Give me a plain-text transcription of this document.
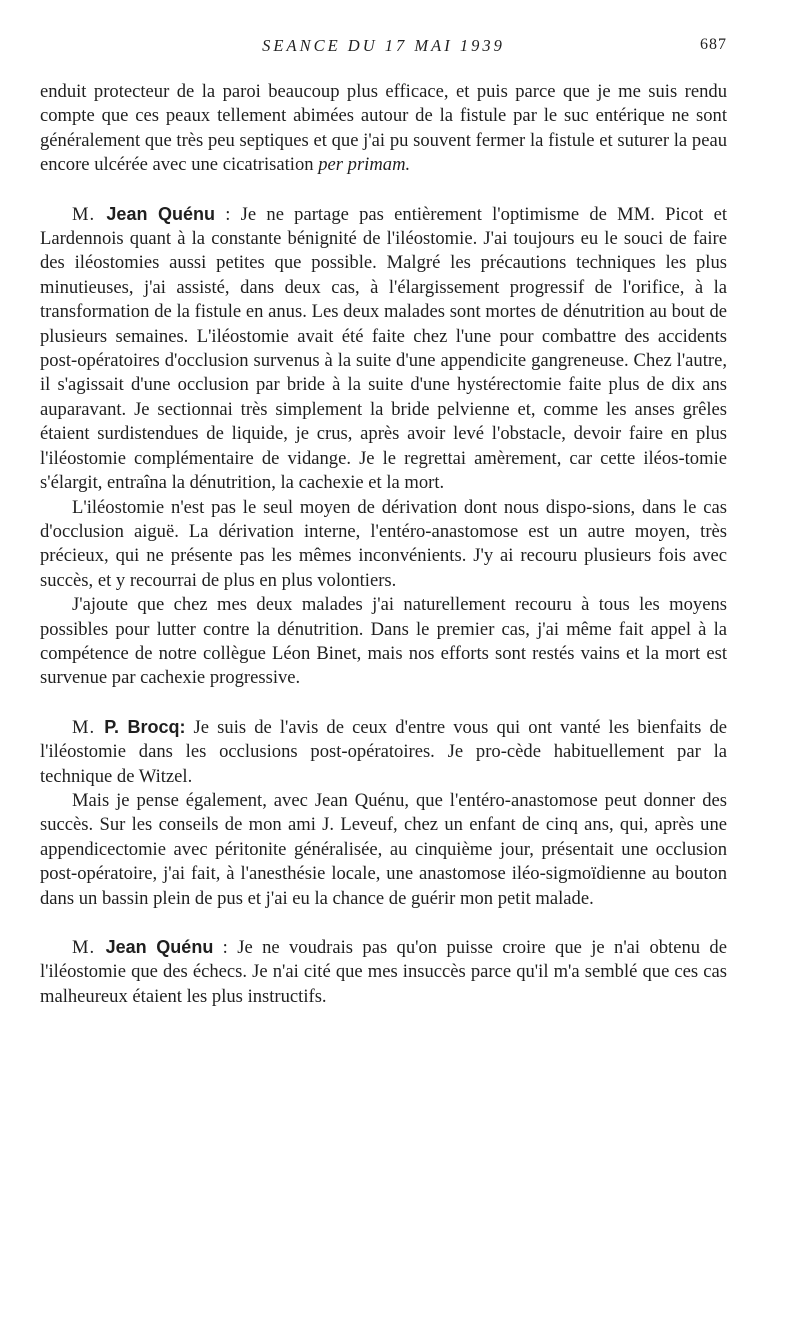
SEANCE DU 17 MAI 1939	687

enduit protecteur de la paroi beaucoup plus efficace, et puis parce que je me suis rendu compte que ces peaux tellement abimées autour de la fistule par le suc entérique ne sont généralement que très peu septiques et que j'ai pu souvent fermer la fistule et suturer la peau encore ulcérée avec une cicatrisation per primam.

M. Jean Quénu : Je ne partage pas entièrement l'optimisme de MM. Picot et Lardennois quant à la constante bénignité de l'iléostomie. J'ai toujours eu le souci de faire des iléostomies aussi petites que possible. Malgré les précautions techniques les plus minutieuses, j'ai assisté, dans deux cas, à l'élargissement progressif de l'orifice, à la transformation de la fistule en anus. Les deux malades sont mortes de dénutrition au bout de plusieurs semaines. L'iléostomie avait été faite chez l'une pour combattre des accidents post-opératoires d'occlusion survenus à la suite d'une appendicite gangreneuse. Chez l'autre, il s'agissait d'une occlusion par bride à la suite d'une hystérectomie faite plus de dix ans auparavant. Je sectionnai très simplement la bride pelvienne et, comme les anses grêles étaient surdistendues de liquide, je crus, après avoir levé l'obstacle, devoir faire en plus l'iléostomie complémentaire de vidange. Je le regrettai amèrement, car cette iléos-tomie s'élargit, entraîna la dénutrition, la cachexie et la mort.

L'iléostomie n'est pas le seul moyen de dérivation dont nous dispo-sions, dans le cas d'occlusion aiguë. La dérivation interne, l'entéro-anastomose est un autre moyen, très précieux, qui ne présente pas les mêmes inconvénients. J'y ai recouru plusieurs fois avec succès, et y recourrai de plus en plus volontiers.

J'ajoute que chez mes deux malades j'ai naturellement recouru à tous les moyens possibles pour lutter contre la dénutrition. Dans le premier cas, j'ai même fait appel à la compétence de notre collègue Léon Binet, mais nos efforts sont restés vains et la mort est survenue par cachexie progressive.

M. P. Brocq: Je suis de l'avis de ceux d'entre vous qui ont vanté les bienfaits de l'iléostomie dans les occlusions post-opératoires. Je pro-cède habituellement par la technique de Witzel.

Mais je pense également, avec Jean Quénu, que l'entéro-anastomose peut donner des succès. Sur les conseils de mon ami J. Leveuf, chez un enfant de cinq ans, qui, après une appendicectomie avec péritonite généralisée, au cinquième jour, présentait une occlusion post-opératoire, j'ai fait, à l'anesthésie locale, une anastomose iléo-sigmoïdienne au bouton dans un bassin plein de pus et j'ai eu la chance de guérir mon petit malade.

M. Jean Quénu : Je ne voudrais pas qu'on puisse croire que je n'ai obtenu de l'iléostomie que des échecs. Je n'ai cité que mes insuccès parce qu'il m'a semblé que ces cas malheureux étaient les plus instructifs.
